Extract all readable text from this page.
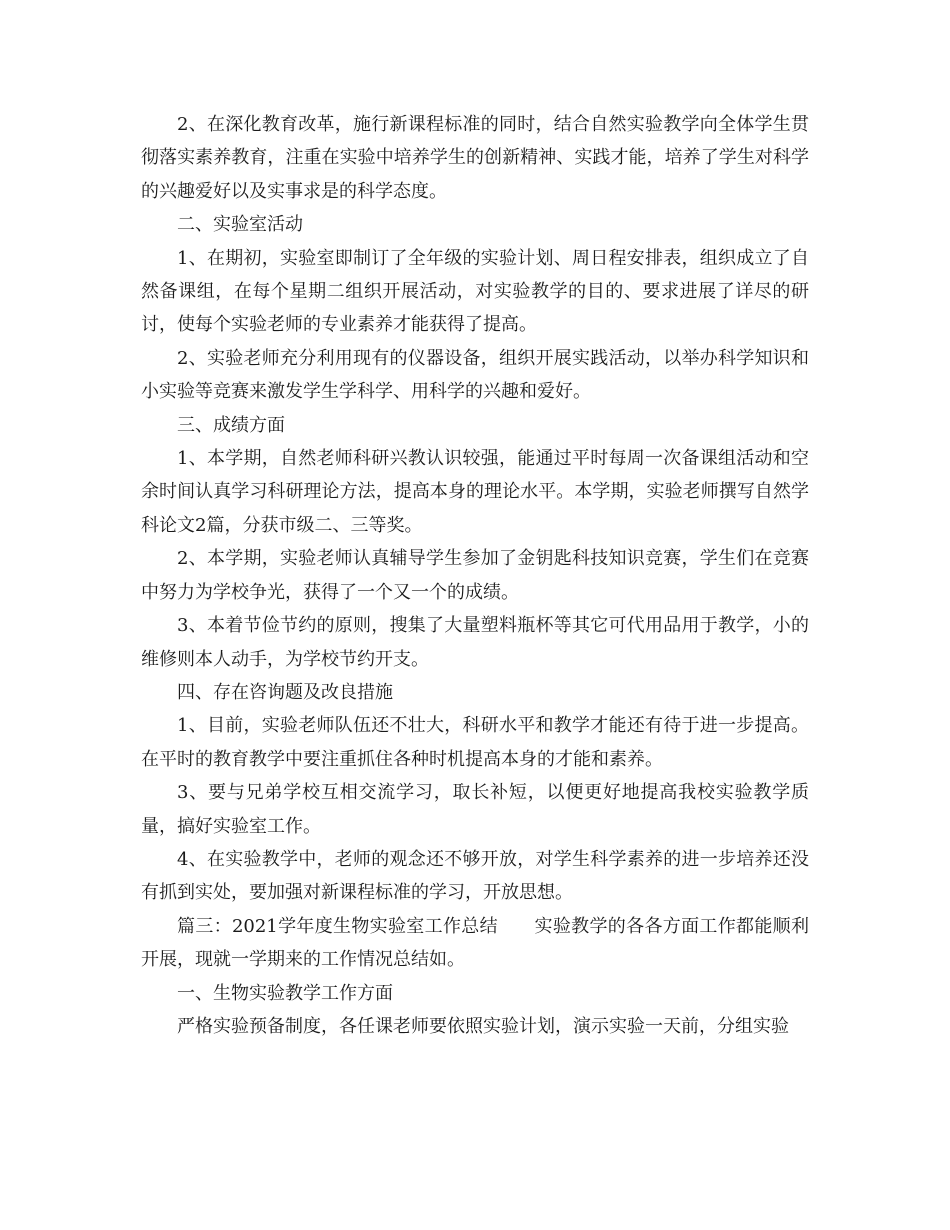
2、在深化教育改革，施行新课程标准的同时，结合自然实验教学向全体学生贯彻落实素养教育，注重在实验中培养学生的创新精神、实践才能，培养了学生对科学的兴趣爱好以及实事求是的科学态度。

二、实验室活动

1、在期初，实验室即制订了全年级的实验计划、周日程安排表，组织成立了自然备课组，在每个星期二组织开展活动，对实验教学的目的、要求进展了详尽的研讨，使每个实验老师的专业素养才能获得了提高。

2、实验老师充分利用现有的仪器设备，组织开展实践活动，以举办科学知识和小实验等竞赛来激发学生学科学、用科学的兴趣和爱好。

三、成绩方面

1、本学期，自然老师科研兴教认识较强，能通过平时每周一次备课组活动和空余时间认真学习科研理论方法，提高本身的理论水平。本学期，实验老师撰写自然学科论文2篇，分获市级二、三等奖。

2、本学期，实验老师认真辅导学生参加了金钥匙科技知识竞赛，学生们在竞赛中努力为学校争光，获得了一个又一个的成绩。

3、本着节俭节约的原则，搜集了大量塑料瓶杯等其它可代用品用于教学，小的维修则本人动手，为学校节约开支。

四、存在咨询题及改良措施

1、目前，实验老师队伍还不壮大，科研水平和教学才能还有待于进一步提高。在平时的教育教学中要注重抓住各种时机提高本身的才能和素养。

3、要与兄弟学校互相交流学习，取长补短，以便更好地提高我校实验教学质量，搞好实验室工作。

4、在实验教学中，老师的观念还不够开放，对学生科学素养的进一步培养还没有抓到实处，要加强对新课程标准的学习，开放思想。

篇三：2021学年度生物实验室工作总结　　实验教学的各各方面工作都能顺利开展，现就一学期来的工作情况总结如。

一、生物实验教学工作方面

严格实验预备制度，各任课老师要依照实验计划，演示实验一天前，分组实验
